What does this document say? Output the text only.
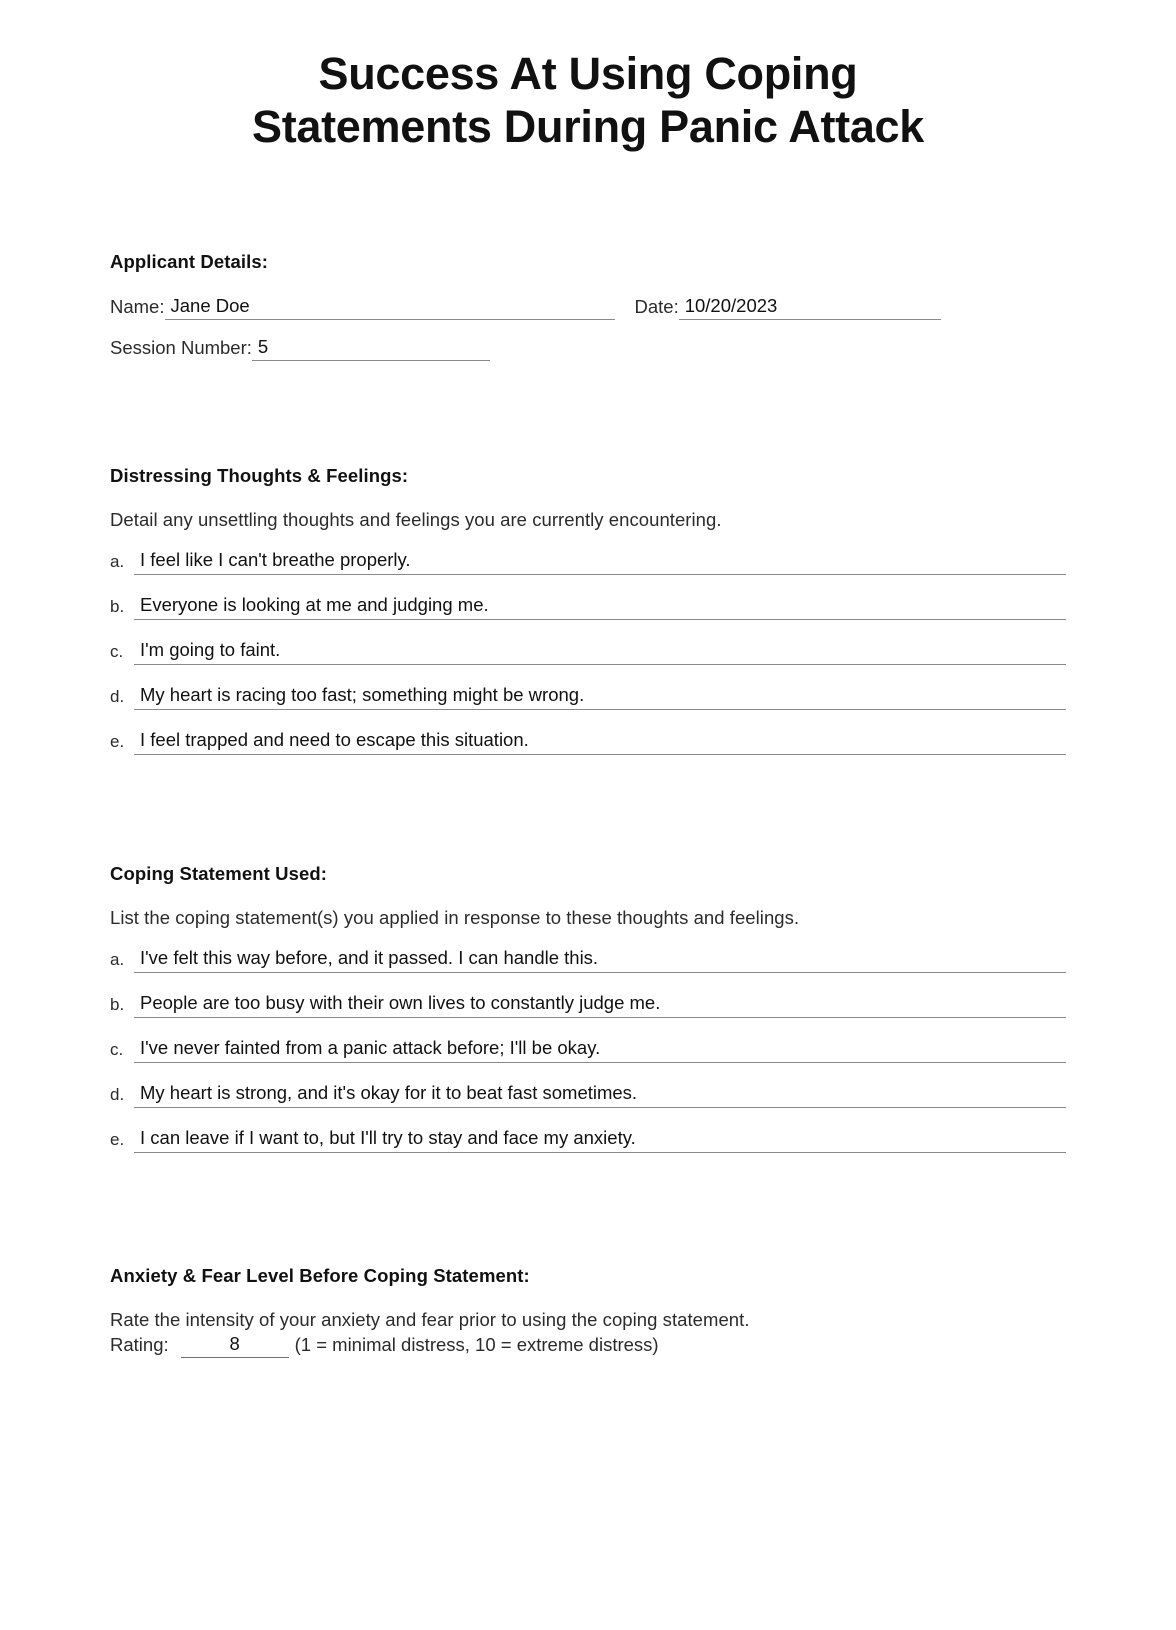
Success At Using Coping
Statements During Panic Attack
Applicant Details:
Name: Jane Doe	Date: 10/20/2023
Session Number: 5
Distressing Thoughts & Feelings:
Detail any unsettling thoughts and feelings you are currently encountering.
a. I feel like I can't breathe properly.
b. Everyone is looking at me and judging me.
c. I'm going to faint.
d. My heart is racing too fast; something might be wrong.
e. I feel trapped and need to escape this situation.
Coping Statement Used:
List the coping statement(s) you applied in response to these thoughts and feelings.
a. I've felt this way before, and it passed. I can handle this.
b. People are too busy with their own lives to constantly judge me.
c. I've never fainted from a panic attack before; I'll be okay.
d. My heart is strong, and it's okay for it to beat fast sometimes.
e. I can leave if I want to, but I'll try to stay and face my anxiety.
Anxiety & Fear Level Before Coping Statement:
Rate the intensity of your anxiety and fear prior to using the coping statement.
Rating:	8	(1 = minimal distress, 10 = extreme distress)
